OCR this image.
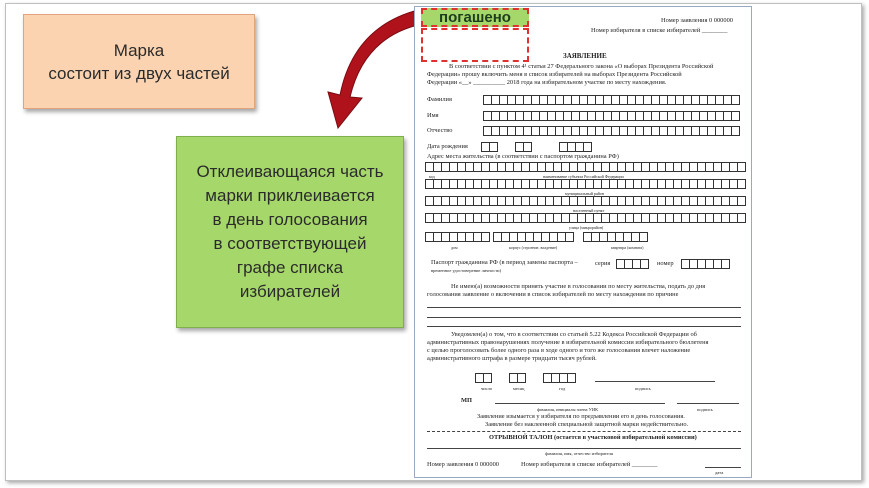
Марка
состоит из двух частей
Отклеивающаяся часть
марки приклеивается
в день голосования
в соответствующей
графе списка
избирателей
погашено	Номер заявления 0 000000
Номер избирателя в списке избирателей ________
ЗАЯВЛЕНИЕ
В соответствии с пунктом 4¹ статьи 27 Федерального закона «О выборах Президента Российской
Федерации» прошу включить меня в список избирателей на выборах Президента Российской
Федерации «__» __________ 2018 года на избирательном участке по месту нахождения.
Фамилия
Имя
Отчество
Дата рождения
Адрес места жительства (в соответствии с паспортом гражданина РФ)
код	наименование субъекта Российской Федерации
муниципальный район
населенный пункт
улица (микрорайон)
дом	корпус (строение, владение)	квартира (комната)
Паспорт гражданина РФ (в период замены паспорта –
временное удостоверение личности)
серия	номер
Не имею(а) возможности принять участие в голосовании по месту жительства, подать до дня
голосования заявление о включении в список избирателей по месту нахождения по причине
Уведомлен(а) о том, что в соответствии со статьей 5.22 Кодекса Российской Федерации об
административных правонарушениях получение в избирательной комиссии избирательного бюллетеня
с целью проголосовать более одного раза в ходе одного и того же голосования влечет наложение
административного штрафа в размере тридцати тысяч рублей.
число	месяц	год	подпись
МП
фамилия, инициалы члена УИК	подпись
Заявление изымается у избирателя по предъявлении его в день голосования.
Заявление без наклеенной специальной защитной марки недействительно.
ОТРЫВНОЙ ТАЛОН (остается в участковой избирательной комиссии)
фамилия, имя, отчество избирателя
Номер заявления 0 000000	Номер избирателя в списке избирателей ________
дата
